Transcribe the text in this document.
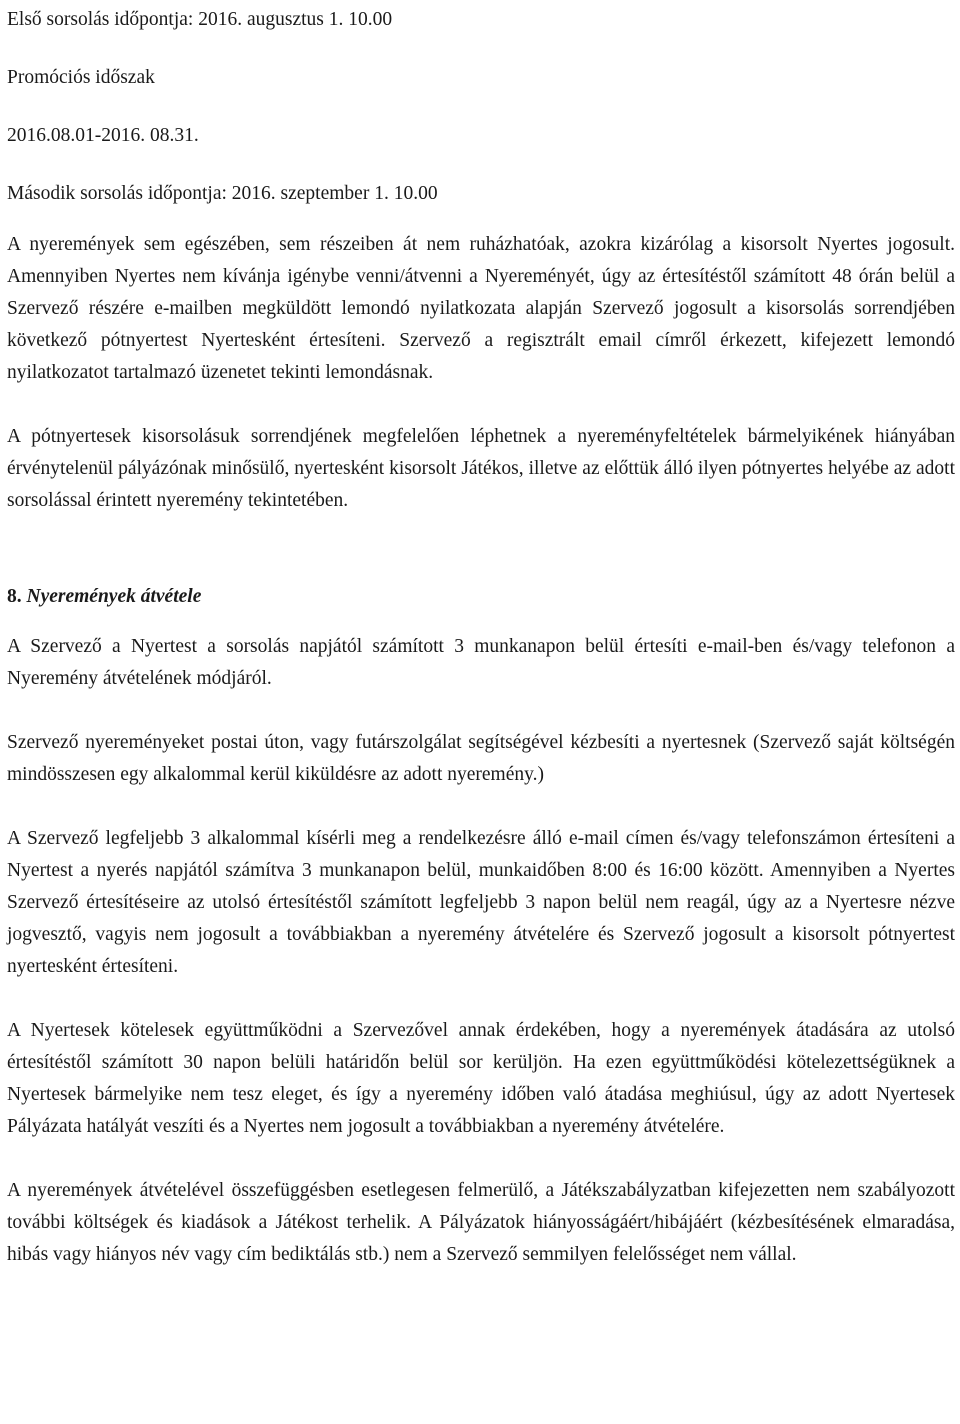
Első sorsolás időpontja: 2016. augusztus 1. 10.00

Promóciós időszak

2016.08.01-2016. 08.31.

Második sorsolás időpontja: 2016. szeptember 1. 10.00

A nyeremények sem egészében, sem részeiben át nem ruházhatóak, azokra kizárólag a kisorsolt Nyertes jogosult. Amennyiben Nyertes nem kívánja igénybe venni/átvenni a Nyereményét, úgy az értesítéstől számított 48 órán belül a Szervező részére e-mailben megküldött lemondó nyilatkozata alapján Szervező jogosult a kisorsolás sorrendjében következő pótnyertest Nyertesként értesíteni. Szervező a regisztrált email címről érkezett, kifejezett lemondó nyilatkozatot tartalmazó üzenetet tekinti lemondásnak.

A pótnyertesek kisorsolásuk sorrendjének megfelelően léphetnek a nyereményfeltételek bármelyikének hiányában érvénytelenül pályázónak minősülő, nyertesként kisorsolt Játékos, illetve az előttük álló ilyen pótnyertes helyébe az adott sorsolással érintett nyeremény tekintetében.

8. Nyeremények átvétele

A Szervező a Nyertest a sorsolás napjától számított 3 munkanapon belül értesíti e-mail-ben és/vagy telefonon a Nyeremény átvételének módjáról.

Szervező nyereményeket postai úton, vagy futárszolgálat segítségével kézbesíti a nyertesnek (Szervező saját költségén mindösszesen egy alkalommal kerül kiküldésre az adott nyeremény.)

A Szervező legfeljebb 3 alkalommal kísérli meg a rendelkezésre álló e-mail címen és/vagy telefonszámon értesíteni a Nyertest a nyerés napjától számítva 3 munkanapon belül, munkaidőben 8:00 és 16:00 között. Amennyiben a Nyertes Szervező értesítéseire az utolsó értesítéstől számított legfeljebb 3 napon belül nem reagál, úgy az a Nyertesre nézve jogvesztő, vagyis nem jogosult a továbbiakban a nyeremény átvételére és Szervező jogosult a kisorsolt pótnyertest nyertesként értesíteni.

A Nyertesek kötelesek együttműködni a Szervezővel annak érdekében, hogy a nyeremények átadására az utolsó értesítéstől számított 30 napon belüli határidőn belül sor kerüljön. Ha ezen együttműködési kötelezettségüknek a Nyertesek bármelyike nem tesz eleget, és így a nyeremény időben való átadása meghiúsul, úgy az adott Nyertesek Pályázata hatályát veszíti és a Nyertes nem jogosult a továbbiakban a nyeremény átvételére.

A nyeremények átvételével összefüggésben esetlegesen felmerülő, a Játékszabályzatban kifejezetten nem szabályozott további költségek és kiadások a Játékost terhelik. A Pályázatok hiányosságáért/hibájáért (kézbesítésének elmaradása, hibás vagy hiányos név vagy cím bediktálás stb.) nem a Szervező semmilyen felelősséget nem vállal.
